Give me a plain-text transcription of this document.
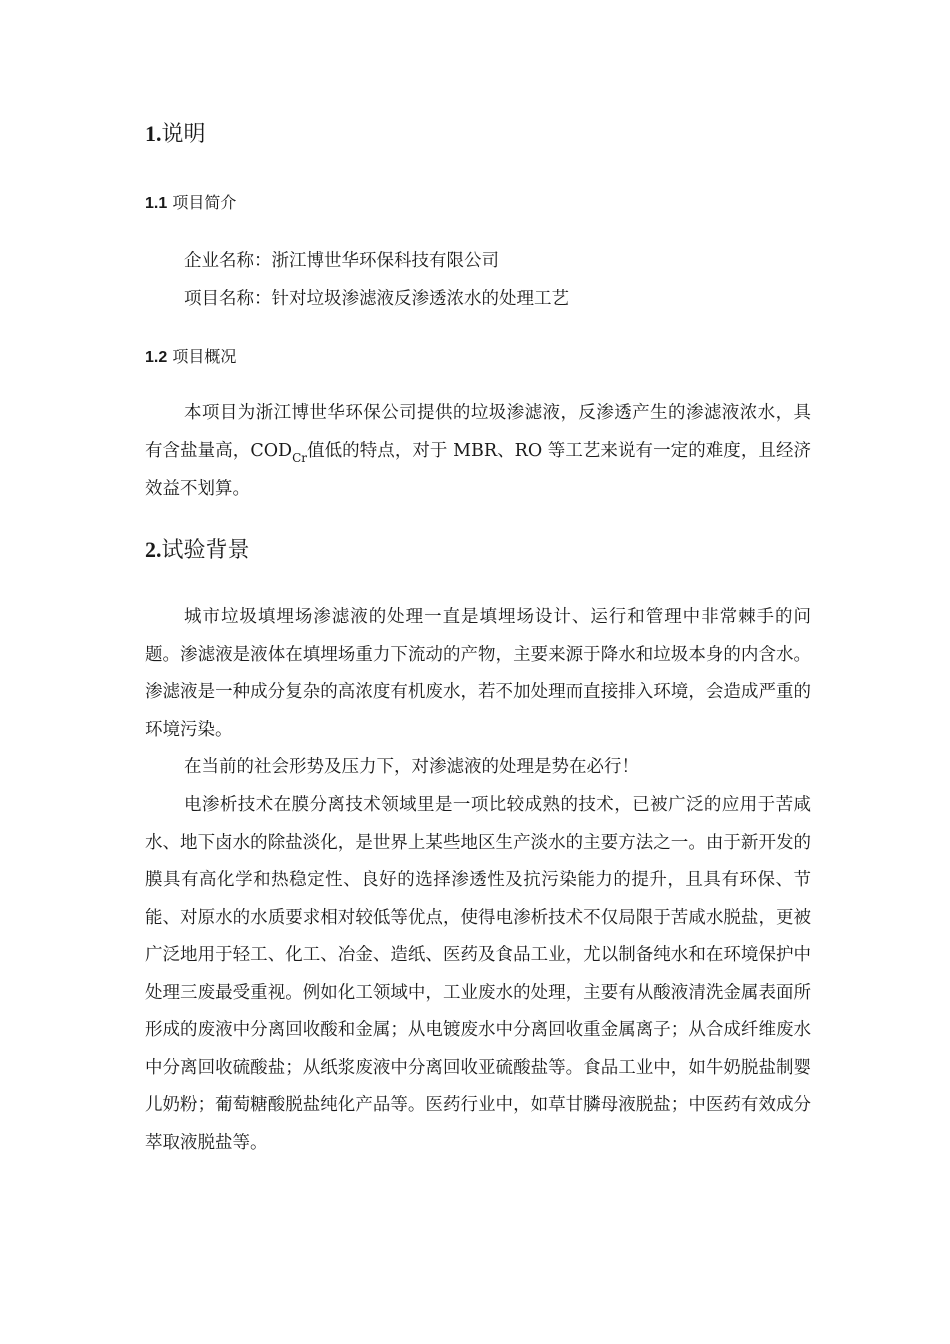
1.说明
1.1 项目简介
企业名称：浙江博世华环保科技有限公司
项目名称：针对垃圾渗滤液反渗透浓水的处理工艺
1.2 项目概况
本项目为浙江博世华环保公司提供的垃圾渗滤液，反渗透产生的渗滤液浓水，具有含盐量高，$COD_{Cr}$值低的特点，对于 MBR、RO 等工艺来说有一定的难度，且经济效益不划算。
2.试验背景
城市垃圾填埋场渗滤液的处理一直是填埋场设计、运行和管理中非常棘手的问题。渗滤液是液体在填埋场重力下流动的产物，主要来源于降水和垃圾本身的内含水。渗滤液是一种成分复杂的高浓度有机废水，若不加处理而直接排入环境，会造成严重的环境污染。
在当前的社会形势及压力下，对渗滤液的处理是势在必行！
电渗析技术在膜分离技术领域里是一项比较成熟的技术，已被广泛的应用于苦咸水、地下卤水的除盐淡化，是世界上某些地区生产淡水的主要方法之一。由于新开发的膜具有高化学和热稳定性、良好的选择渗透性及抗污染能力的提升，且具有环保、节能、对原水的水质要求相对较低等优点，使得电渗析技术不仅局限于苦咸水脱盐，更被广泛地用于轻工、化工、冶金、造纸、医药及食品工业，尤以制备纯水和在环境保护中处理三废最受重视。例如化工领域中，工业废水的处理，主要有从酸液清洗金属表面所形成的废液中分离回收酸和金属；从电镀废水中分离回收重金属离子；从合成纤维废水中分离回收硫酸盐；从纸浆废液中分离回收亚硫酸盐等。食品工业中，如牛奶脱盐制婴儿奶粉；葡萄糖酸脱盐纯化产品等。医药行业中，如草甘膦母液脱盐；中医药有效成分萃取液脱盐等。
